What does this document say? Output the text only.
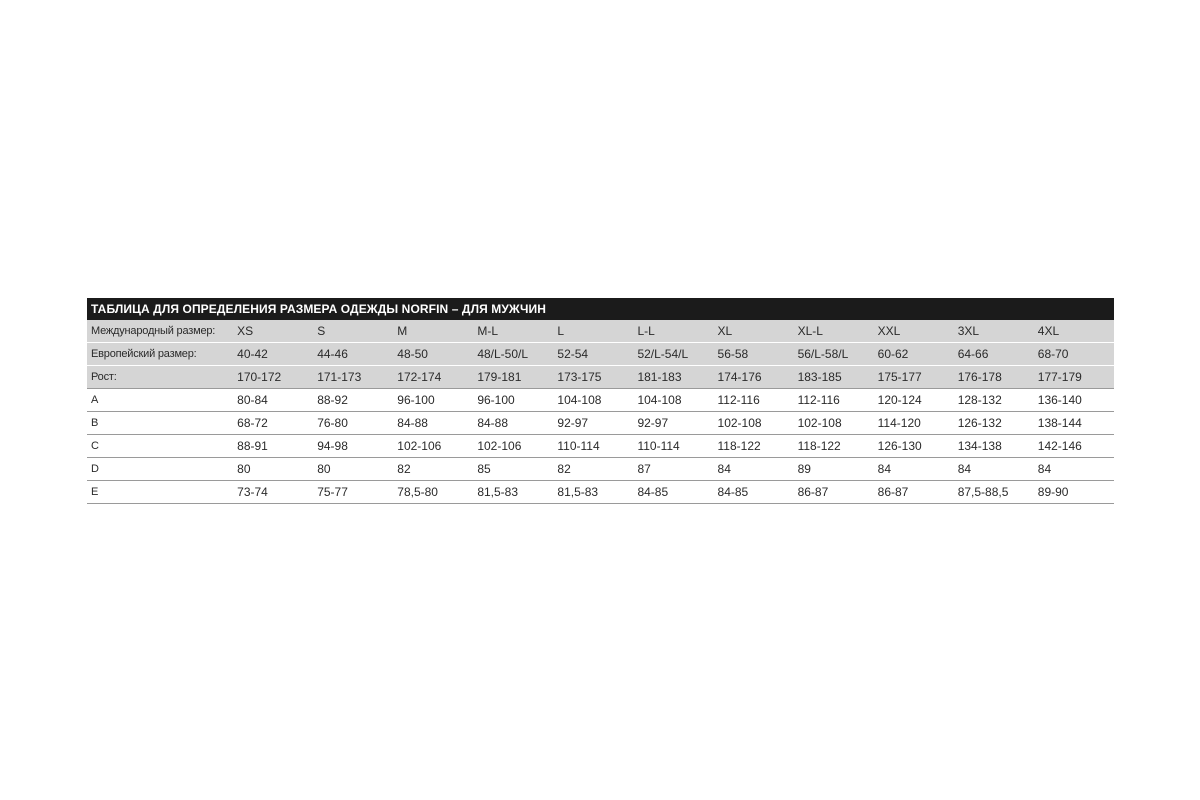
ТАБЛИЦА ДЛЯ ОПРЕДЕЛЕНИЯ РАЗМЕРА ОДЕЖДЫ NORFIN – ДЛЯ МУЖЧИН
Международный размер:	XS	S	M	M-L	L	L-L	XL	XL-L	XXL	3XL	4XL
Европейский размер:	40-42	44-46	48-50	48/L-50/L	52-54	52/L-54/L	56-58	56/L-58/L	60-62	64-66	68-70
Рост:	170-172	171-173	172-174	179-181	173-175	181-183	174-176	183-185	175-177	176-178	177-179
A	80-84	88-92	96-100	96-100	104-108	104-108	112-116	112-116	120-124	128-132	136-140
B	68-72	76-80	84-88	84-88	92-97	92-97	102-108	102-108	114-120	126-132	138-144
C	88-91	94-98	102-106	102-106	110-114	110-114	118-122	118-122	126-130	134-138	142-146
D	80	80	82	85	82	87	84	89	84	84	84
E	73-74	75-77	78,5-80	81,5-83	81,5-83	84-85	84-85	86-87	86-87	87,5-88,5	89-90
